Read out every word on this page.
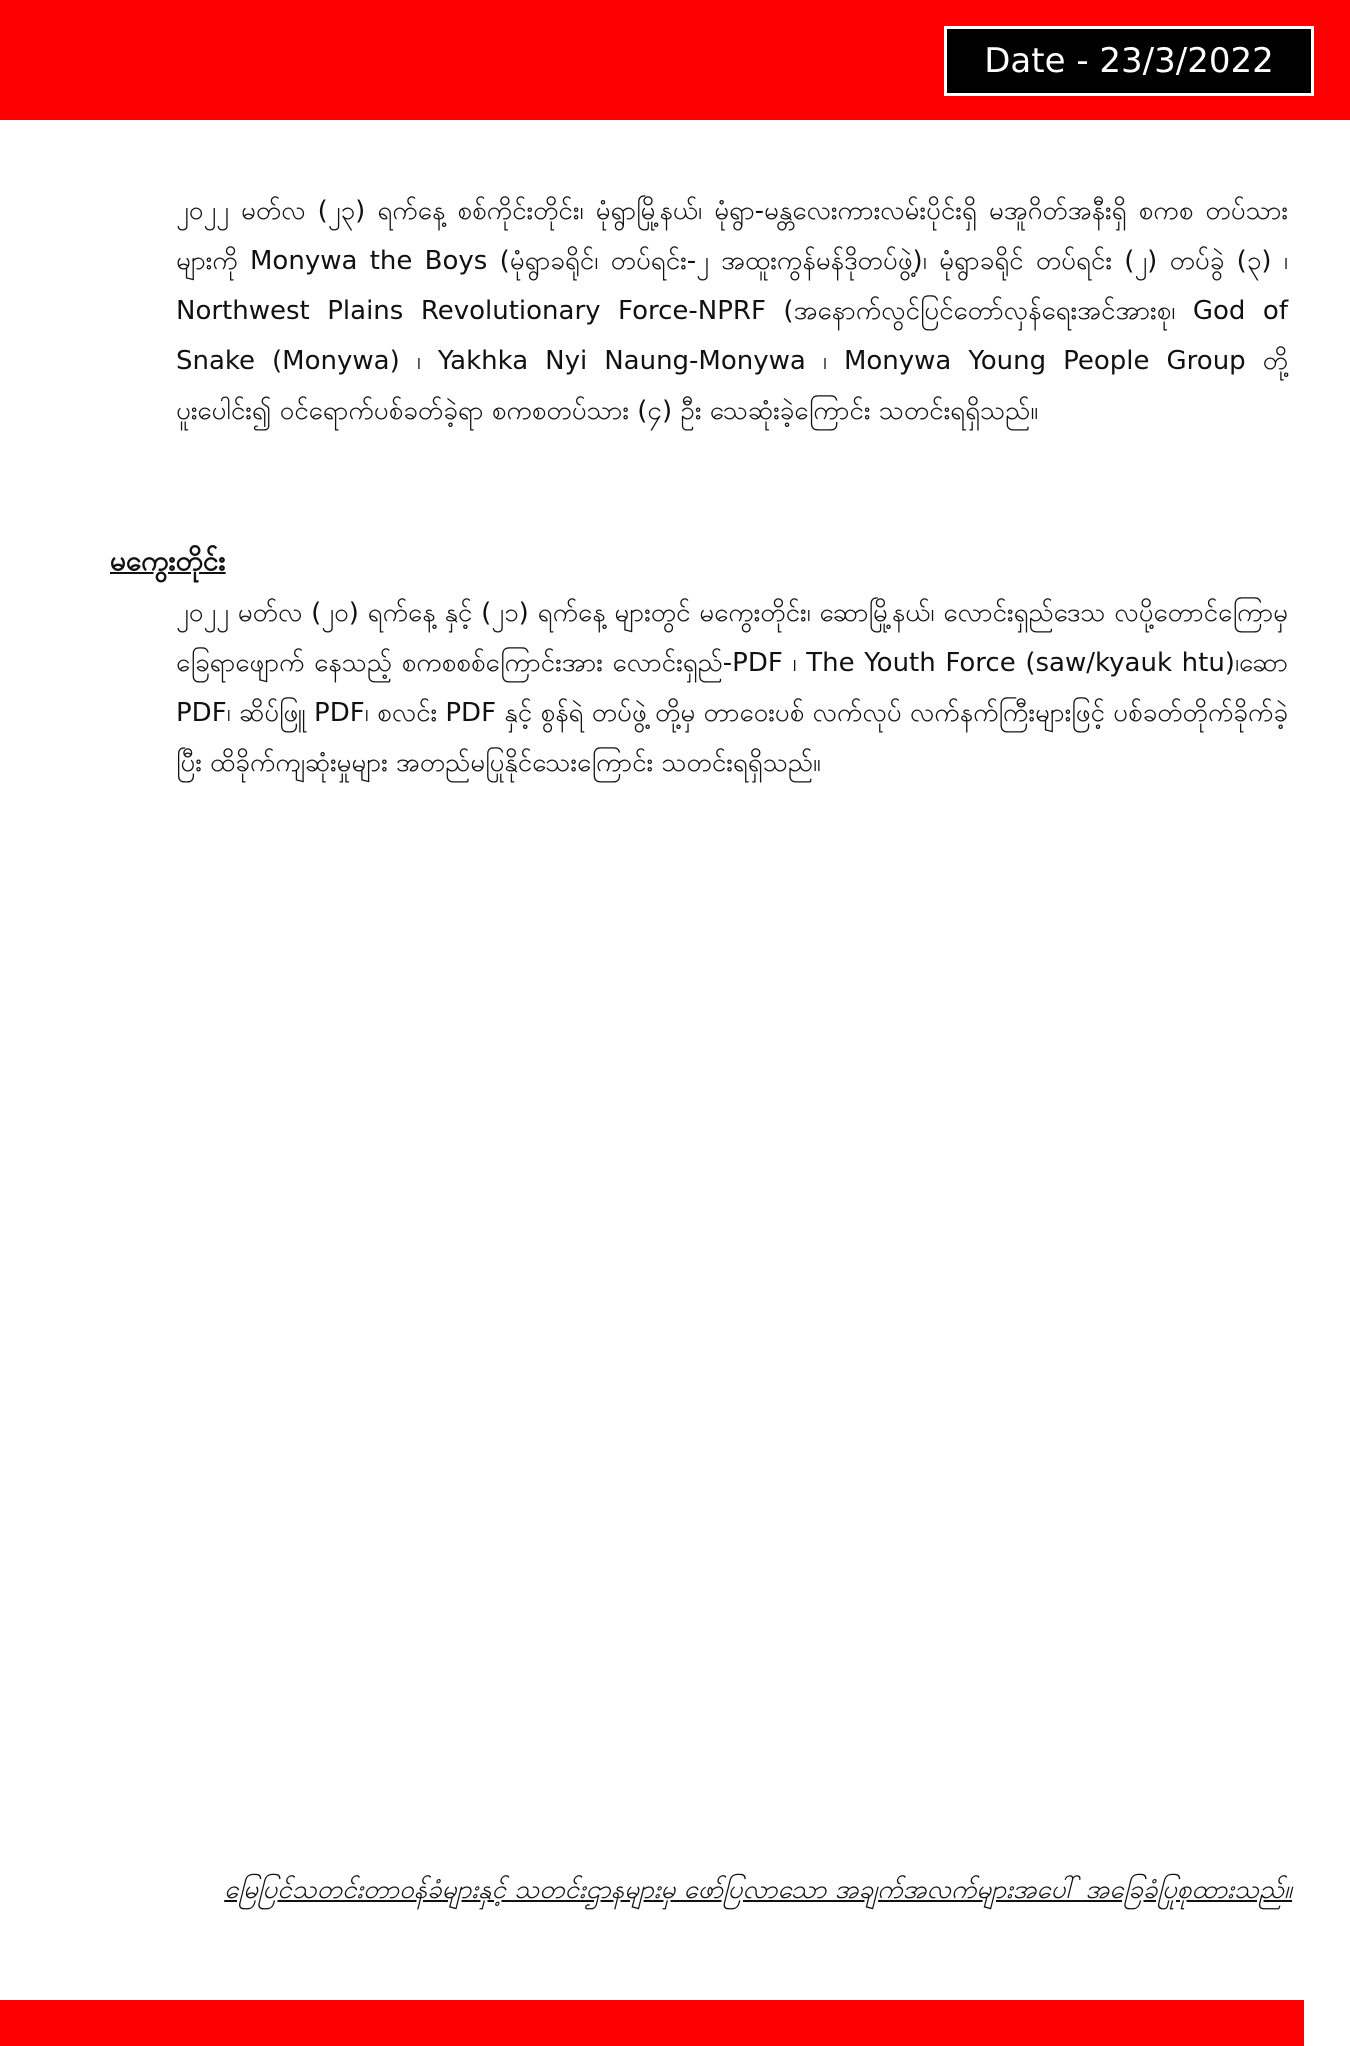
Date - 23/3/2022

၂၀၂၂ မတ်လ (၂၃) ရက်နေ့ စစ်ကိုင်းတိုင်း၊ မုံရွာမြို့နယ်၊ မုံရွာ-မန္တလေးကားလမ်းပိုင်းရှိ မအူဂိတ်အနီးရှိ စကစ တပ်သားများကို Monywa the Boys (မုံရွာခရိုင်၊ တပ်ရင်း-၂ အထူးကွန်မန်ဒိုတပ်ဖွဲ့)၊ မုံရွာခရိုင် တပ်ရင်း (၂) တပ်ခွဲ (၃) ၊ Northwest Plains Revolutionary Force-NPRF (အနောက်လွင်ပြင်တော်လှန်ရေးအင်အားစု၊ God of Snake (Monywa) ၊ Yakhka Nyi Naung-Monywa ၊ Monywa Young People Group တို့ ပူးပေါင်း၍ ဝင်ရောက်ပစ်ခတ်ခဲ့ရာ စကစတပ်သား (၄) ဦး သေဆုံးခဲ့ကြောင်း သတင်းရရှိသည်။

မကွေးတိုင်း

၂၀၂၂ မတ်လ (၂၀) ရက်နေ့ နှင့် (၂၁) ရက်နေ့ များတွင် မကွေးတိုင်း၊ ဆောမြို့နယ်၊ လောင်းရှည်ဒေသ လပို့တောင်ကြောမှ ခြေရာဖျောက် နေသည့် စကစစစ်ကြောင်းအား လောင်းရှည်-PDF ၊ The Youth Force (saw/kyauk htu)၊ဆော PDF၊ ဆိပ်ဖြူ PDF၊ စလင်း PDF နှင့် စွန်ရဲ တပ်ဖွဲ့ တို့မှ တာဝေးပစ် လက်လုပ် လက်နက်ကြီးများဖြင့် ပစ်ခတ်တိုက်ခိုက်ခဲ့ပြီး ထိခိုက်ကျဆုံးမှုများ အတည်မပြုနိုင်သေးကြောင်း သတင်းရရှိသည်။

မြေပြင်သတင်းတာဝန်ခံများနှင့် သတင်းဌာနများမှ ဖော်ပြလာသော အချက်အလက်များအပေါ် အခြေခံပြုစုထားသည်။
